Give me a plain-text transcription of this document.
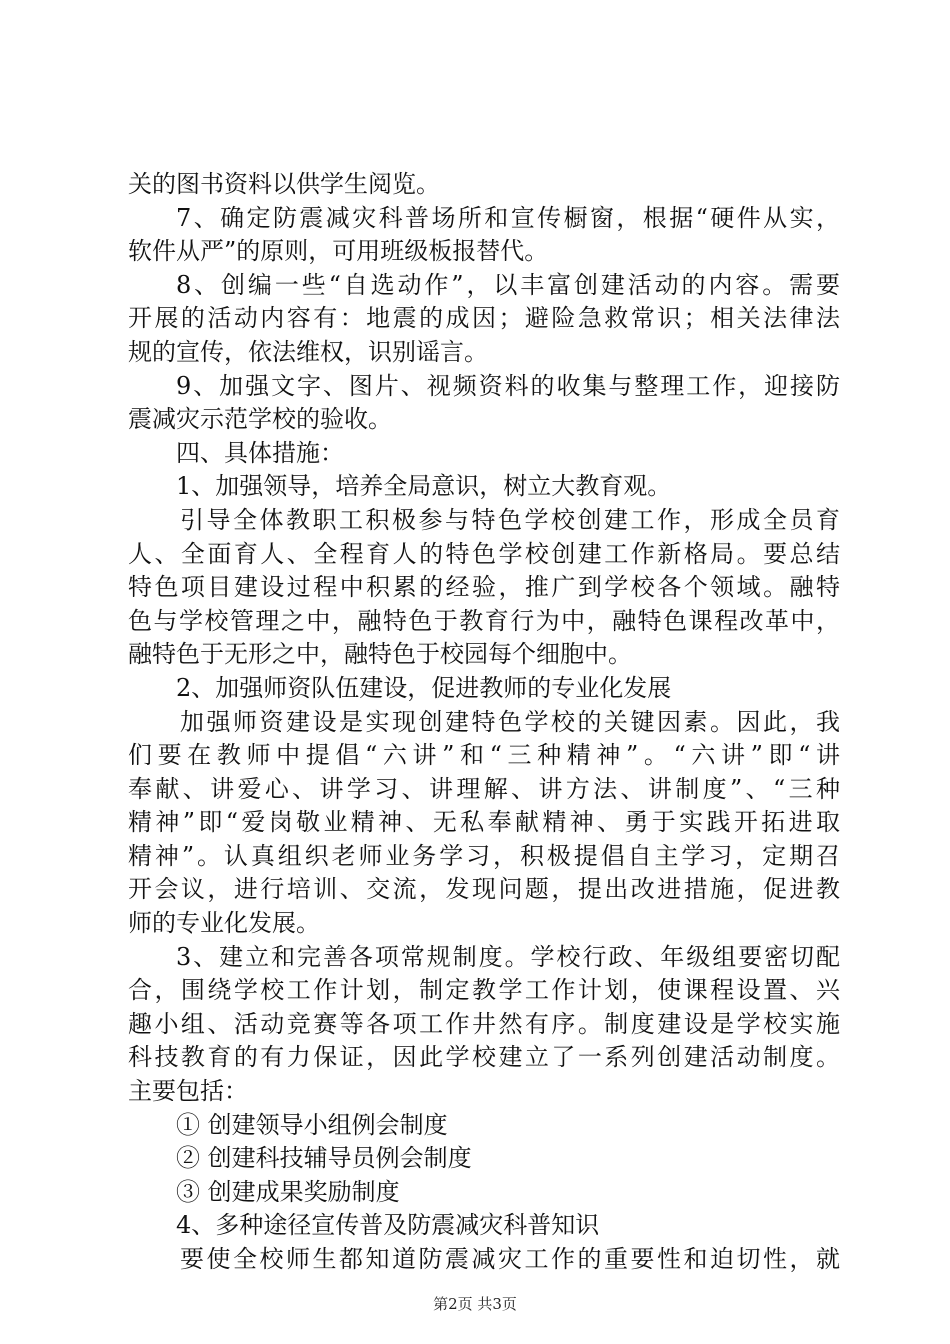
关的图书资料以供学生阅览。
7、确定防震减灾科普场所和宣传橱窗，根据“硬件从实，
软件从严”的原则，可用班级板报替代。
8、创编一些“自选动作”，以丰富创建活动的内容。需要
开展的活动内容有：地震的成因；避险急救常识；相关法律法
规的宣传，依法维权，识别谣言。
9、加强文字、图片、视频资料的收集与整理工作，迎接防
震减灾示范学校的验收。
四、具体措施：
1、加强领导，培养全局意识，树立大教育观。
引导全体教职工积极参与特色学校创建工作，形成全员育
人、全面育人、全程育人的特色学校创建工作新格局。要总结
特色项目建设过程中积累的经验，推广到学校各个领域。融特
色与学校管理之中，融特色于教育行为中，融特色课程改革中，
融特色于无形之中，融特色于校园每个细胞中。
2、加强师资队伍建设，促进教师的专业化发展
加强师资建设是实现创建特色学校的关键因素。因此，我
们要在教师中提倡“六讲”和“三种精神”。“六讲”即“讲
奉献、讲爱心、讲学习、讲理解、讲方法、讲制度”、“三种
精神”即“爱岗敬业精神、无私奉献精神、勇于实践开拓进取
精神”。认真组织老师业务学习，积极提倡自主学习，定期召
开会议，进行培训、交流，发现问题，提出改进措施，促进教
师的专业化发展。
3、建立和完善各项常规制度。学校行政、年级组要密切配
合，围绕学校工作计划，制定教学工作计划，使课程设置、兴
趣小组、活动竞赛等各项工作井然有序。制度建设是学校实施
科技教育的有力保证，因此学校建立了一系列创建活动制度。
主要包括：
① 创建领导小组例会制度
② 创建科技辅导员例会制度
③ 创建成果奖励制度
4、多种途径宣传普及防震减灾科普知识
要使全校师生都知道防震减灾工作的重要性和迫切性，就
第2页 共3页
